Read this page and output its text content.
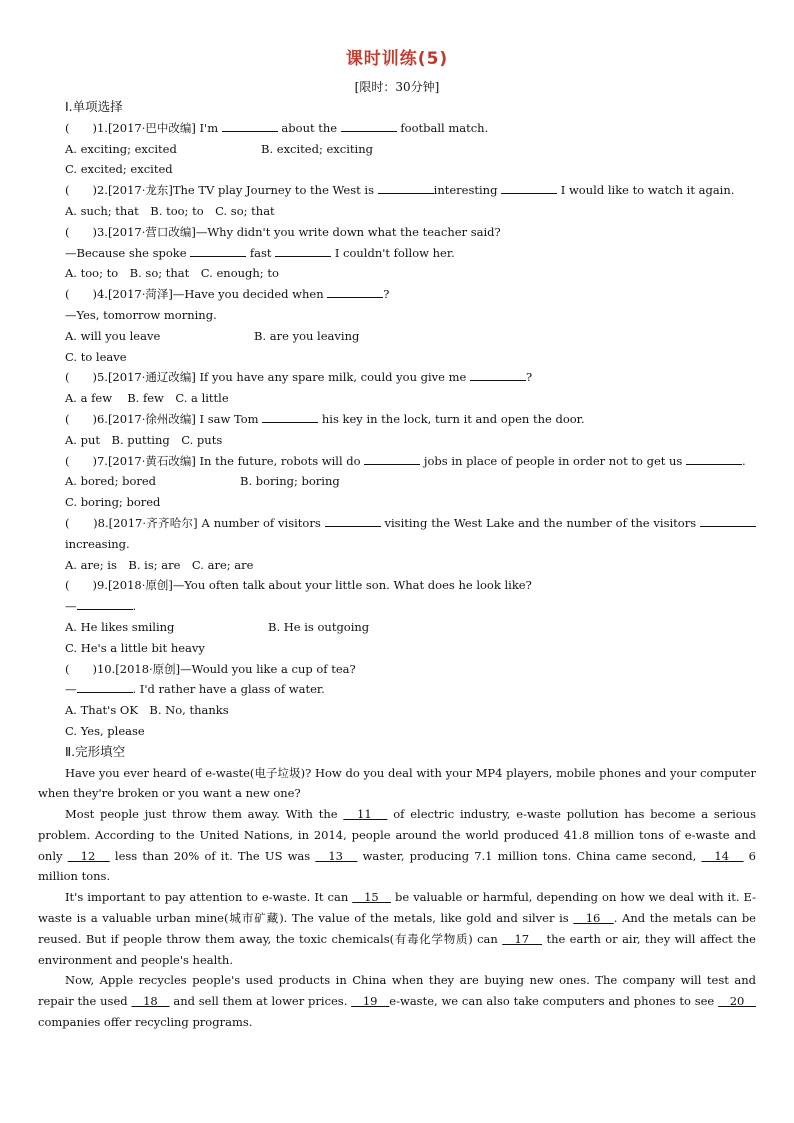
课时训练(5)
[限时：30分钟]
Ⅰ.单项选择
(　　)1.[2017·巴中改编] I'm	about the	football match.
A. exciting; excited	B. excited; exciting
C. excited; excited
(　　)2.[2017·龙东]The TV play Journey to the West is	interesting	I would like to watch it again.
A. such; that　B. too; to　C. so; that
(　　)3.[2017·营口改编]—Why didn't you write down what the teacher said?
—Because she spoke	fast	I couldn't follow her.
A. too; to　B. so; that　C. enough; to
(　　)4.[2017·菏泽]—Have you decided when	?
—Yes, tomorrow morning.
A. will you leave	B. are you leaving
C. to leave
(　　)5.[2017·通辽改编] If you have any spare milk, could you give me	?
A. a few　 B. few　C. a little
(　　)6.[2017·徐州改编] I saw Tom	his key in the lock, turn it and open the door.
A. put　B. putting　C. puts
(　　)7.[2017·黄石改编] In the future, robots will do	jobs in place of people in order not to get us	.
A. bored; bored	B. boring; boring
C. boring; bored
(　　)8.[2017·齐齐哈尔] A number of visitors	visiting the West Lake and the number of the visitors  increasing.
A. are; is　B. is; are　C. are; are
(　　)9.[2018·原创]—You often talk about your little son. What does he look like?
—	.
A. He likes smiling	B. He is outgoing
C. He's a little bit heavy
(　　)10.[2018·原创]—Would you like a cup of tea?
—	. I'd rather have a glass of water.
A. That's OK　B. No, thanks
C. Yes, please
Ⅱ.完形填空

Have you ever heard of e-waste(电子垃圾)? How do you deal with your MP4 players, mobile phones and your computer when they're broken or you want a new one?

Most people just throw them away. With the 　11　 of electric industry, e-waste pollution has become a serious problem. According to the United Nations, in 2014, people around the world produced 41.8 million tons of e-waste and only 　12　 less than 20% of it. The US was 　13　 waster, producing 7.1 million tons. China came second, 　14　 6 million tons.

It's important to pay attention to e-waste. It can 　15　 be valuable or harmful, depending on how we deal with it. E-waste is a valuable urban mine(城市矿藏). The value of the metals, like gold and silver is 　16　. And the metals can be reused. But if people throw them away, the toxic chemicals(有毒化学物质) can 　17　 the earth or air, they will affect the environment and people's health.

Now, Apple recycles people's used products in China when they are buying new ones. The company will test and repair the used 　18　 and sell them at lower prices. 　19　e-waste, we can also take computers and phones to see 　20　 companies offer recycling programs.
